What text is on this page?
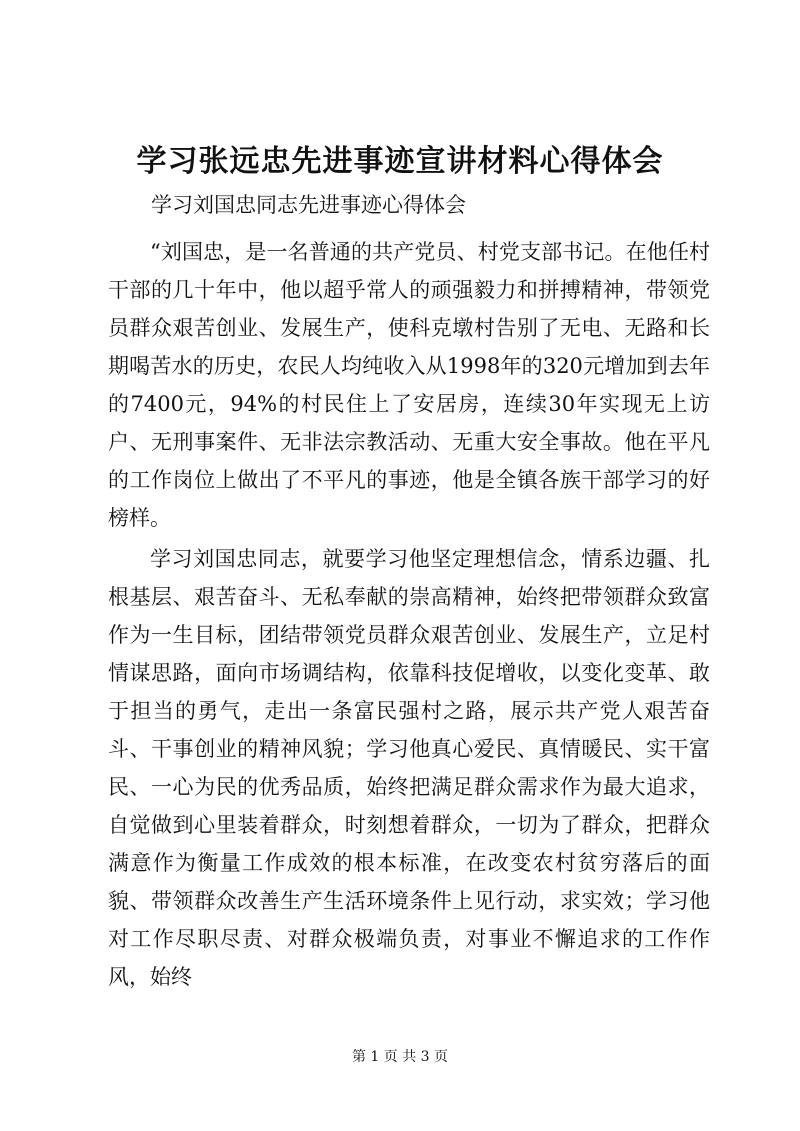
学习张远忠先进事迹宣讲材料心得体会

学习刘国忠同志先进事迹心得体会

“刘国忠，是一名普通的共产党员、村党支部书记。在他任村干部的几十年中，他以超乎常人的顽强毅力和拼搏精神，带领党员群众艰苦创业、发展生产，使科克墩村告别了无电、无路和长期喝苦水的历史，农民人均纯收入从1998年的320元增加到去年的7400元，94%的村民住上了安居房，连续30年实现无上访户、无刑事案件、无非法宗教活动、无重大安全事故。他在平凡的工作岗位上做出了不平凡的事迹，他是全镇各族干部学习的好榜样。

学习刘国忠同志，就要学习他坚定理想信念，情系边疆、扎根基层、艰苦奋斗、无私奉献的崇高精神，始终把带领群众致富作为一生目标，团结带领党员群众艰苦创业、发展生产，立足村情谋思路，面向市场调结构，依靠科技促增收，以变化变革、敢于担当的勇气，走出一条富民强村之路，展示共产党人艰苦奋斗、干事创业的精神风貌；学习他真心爱民、真情暖民、实干富民、一心为民的优秀品质，始终把满足群众需求作为最大追求，自觉做到心里装着群众，时刻想着群众，一切为了群众，把群众满意作为衡量工作成效的根本标准，在改变农村贫穷落后的面貌、带领群众改善生产生活环境条件上见行动，求实效；学习他对工作尽职尽责、对群众极端负责，对事业不懈追求的工作作风，始终

第 1 页 共 3 页
